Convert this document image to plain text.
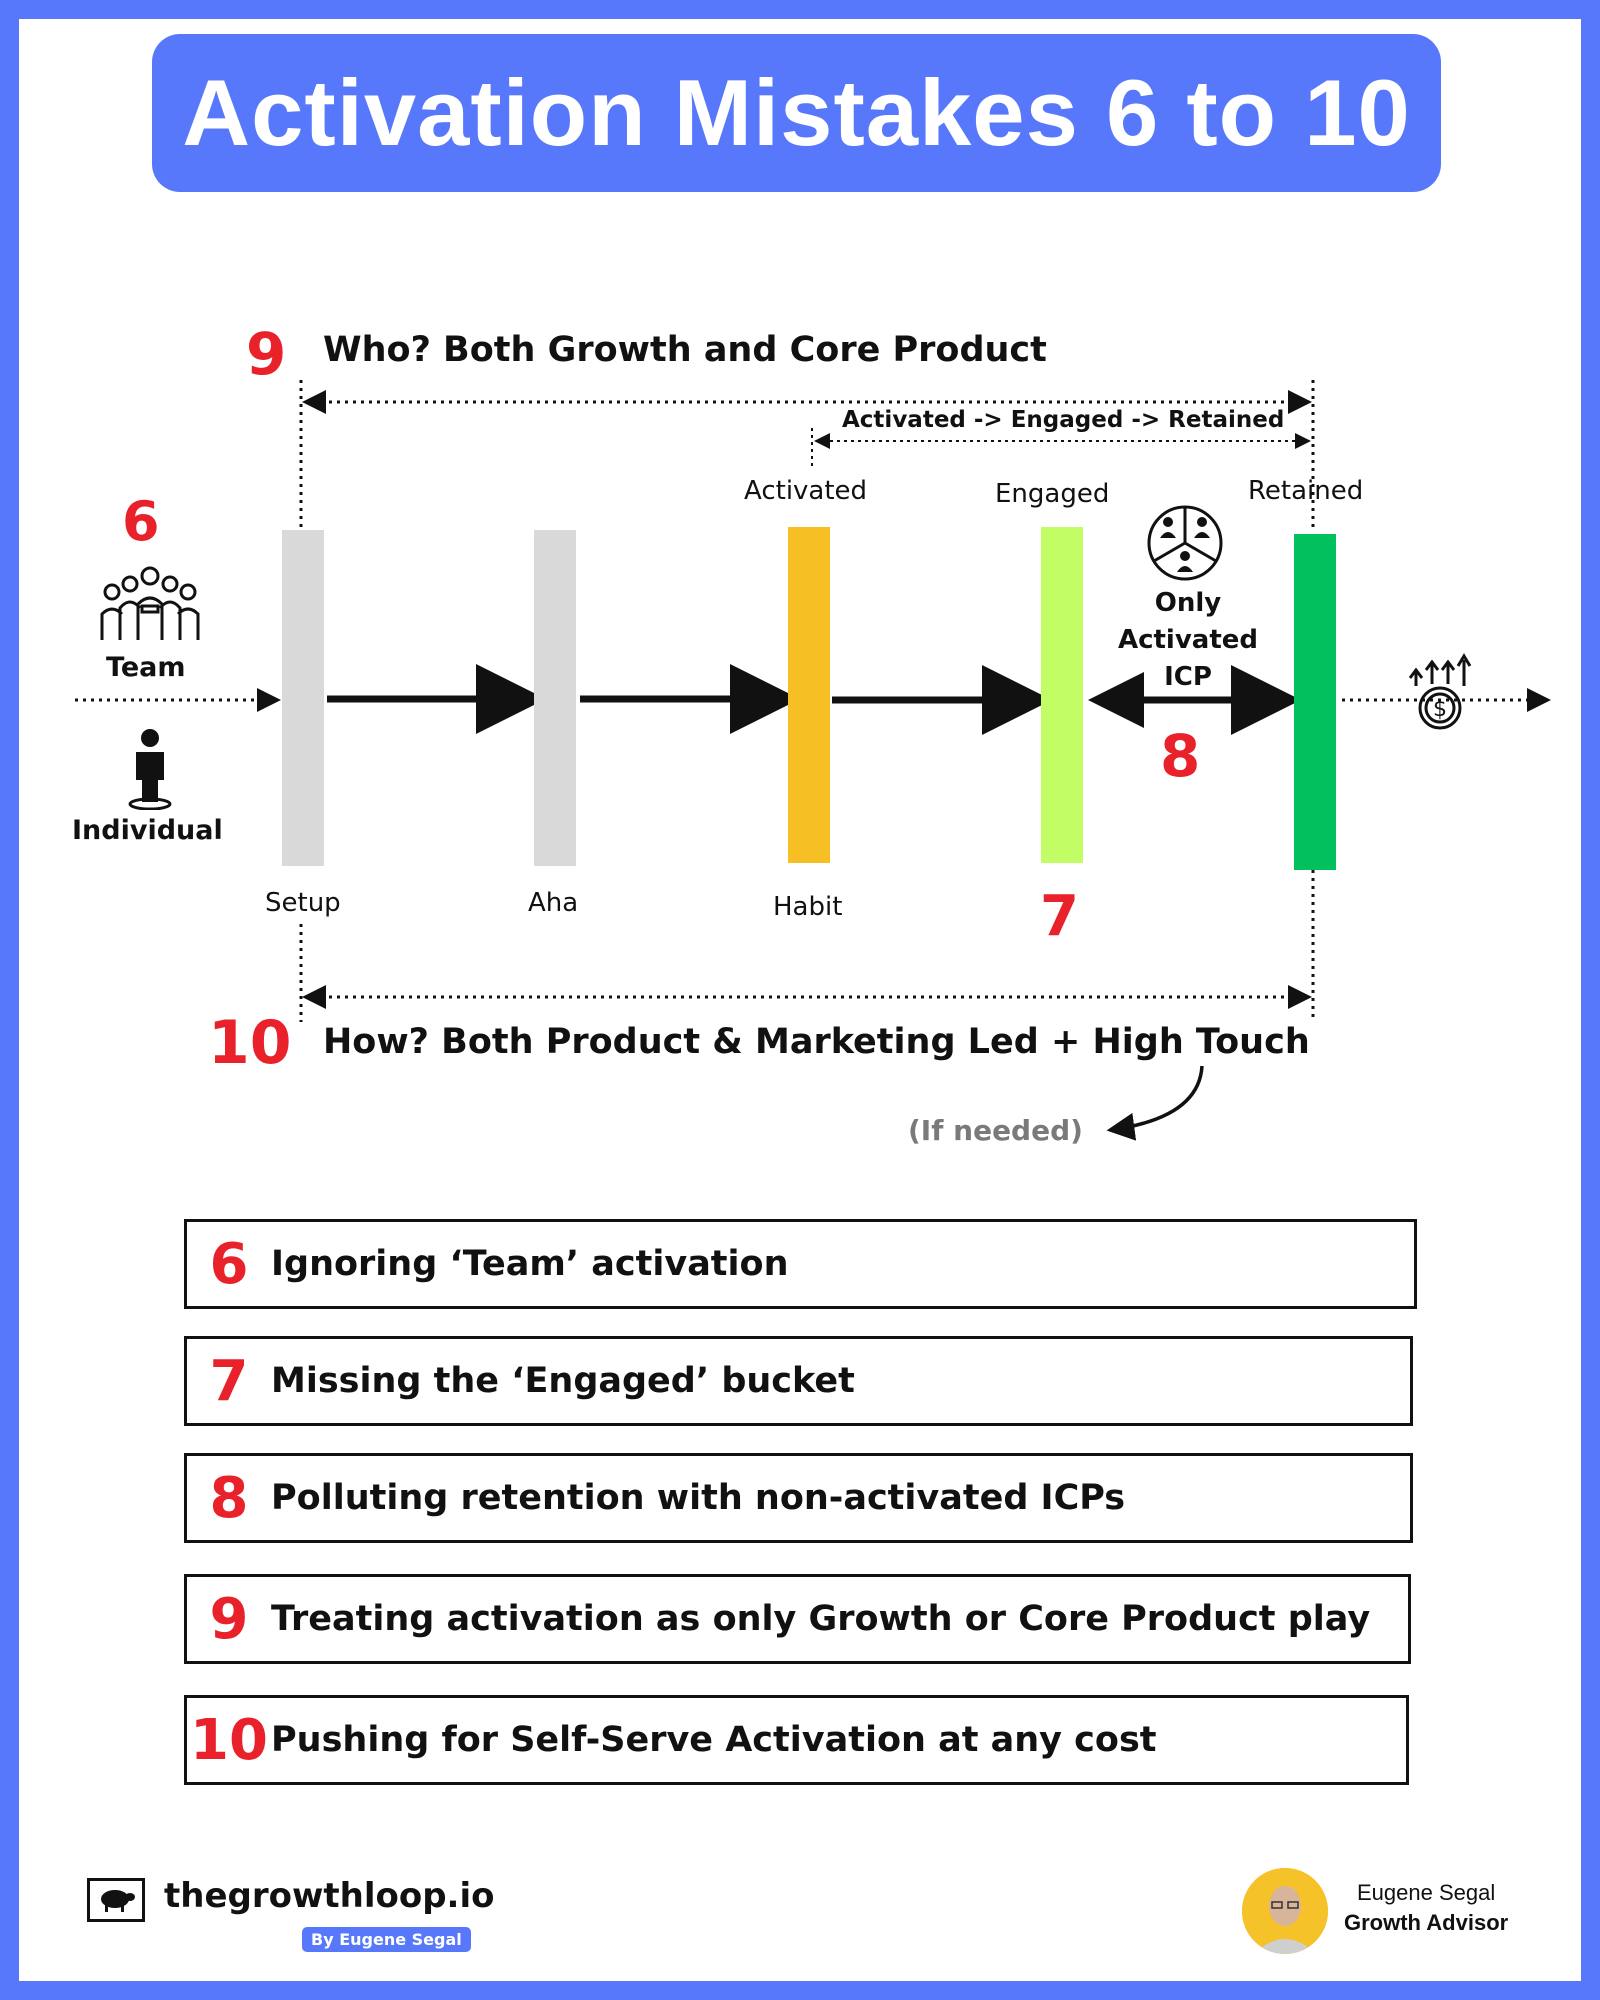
Activation Mistakes 6 to 10
9 Who? Both Growth and Core Product
Activated -> Engaged -> Retained
6
Team
Individual
Activated	Engaged	Retained
Setup	Aha	Habit
Only
Activated
ICP
8
7
$
10 How? Both Product & Marketing Led + High Touch
(If needed)
6 Ignoring ‘Team’ activation
7 Missing the ‘Engaged’ bucket
8 Polluting retention with non-activated ICPs
9 Treating activation as only Growth or Core Product play
10 Pushing for Self-Serve Activation at any cost
thegrowthloop.io
By Eugene Segal
Eugene Segal
Growth Advisor
